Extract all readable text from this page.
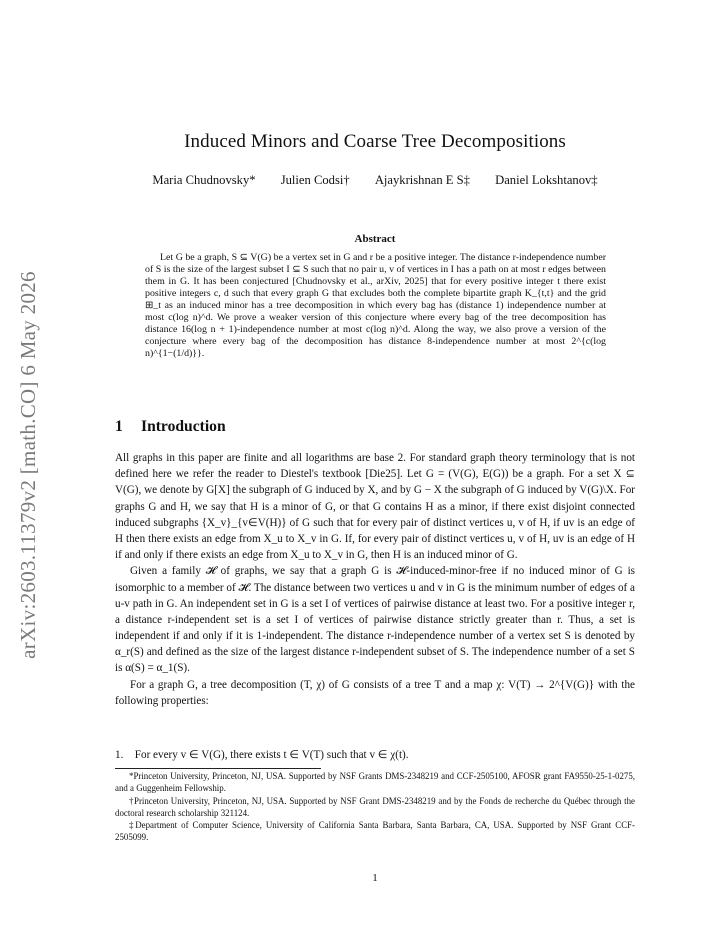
arXiv:2603.11379v2 [math.CO] 6 May 2026
Induced Minors and Coarse Tree Decompositions
Maria Chudnovsky* Julien Codsi† Ajaykrishnan E S‡ Daniel Lokshtanov‡
Abstract
Let G be a graph, S ⊆ V(G) be a vertex set in G and r be a positive integer. The distance r-independence number of S is the size of the largest subset I ⊆ S such that no pair u, v of vertices in I has a path on at most r edges between them in G. It has been conjectured [Chudnovsky et al., arXiv, 2025] that for every positive integer t there exist positive integers c, d such that every graph G that excludes both the complete bipartite graph K_{t,t} and the grid ⊞_t as an induced minor has a tree decomposition in which every bag has (distance 1) independence number at most c(log n)^d. We prove a weaker version of this conjecture where every bag of the tree decomposition has distance 16(log n + 1)-independence number at most c(log n)^d. Along the way, we also prove a version of the conjecture where every bag of the decomposition has distance 8-independence number at most 2^{c(log n)^{1−(1/d)}}.
1 Introduction

All graphs in this paper are finite and all logarithms are base 2. For standard graph theory terminology that is not defined here we refer the reader to Diestel's textbook [Die25]. Let G = (V(G), E(G)) be a graph. For a set X ⊆ V(G), we denote by G[X] the subgraph of G induced by X, and by G − X the subgraph of G induced by V(G)\X. For graphs G and H, we say that H is a minor of G, or that G contains H as a minor, if there exist disjoint connected induced subgraphs {X_v}_{v∈V(H)} of G such that for every pair of distinct vertices u, v of H, if uv is an edge of H then there exists an edge from X_u to X_v in G. If, for every pair of distinct vertices u, v of H, uv is an edge of H if and only if there exists an edge from X_u to X_v in G, then H is an induced minor of G.

Given a family 𝓗 of graphs, we say that a graph G is 𝓗-induced-minor-free if no induced minor of G is isomorphic to a member of 𝓗. The distance between two vertices u and v in G is the minimum number of edges of a u-v path in G. An independent set in G is a set I of vertices of pairwise distance at least two. For a positive integer r, a distance r-independent set is a set I of vertices of pairwise distance strictly greater than r. Thus, a set is independent if and only if it is 1-independent. The distance r-independence number of a vertex set S is denoted by α_r(S) and defined as the size of the largest distance r-independent subset of S. The independence number of a set S is α(S) = α_1(S).

For a graph G, a tree decomposition (T, χ) of G consists of a tree T and a map χ: V(T) → 2^{V(G)} with the following properties:

1. For every v ∈ V(G), there exists t ∈ V(T) such that v ∈ χ(t).

*Princeton University, Princeton, NJ, USA. Supported by NSF Grants DMS-2348219 and CCF-2505100, AFOSR grant FA9550-25-1-0275, and a Guggenheim Fellowship.

†Princeton University, Princeton, NJ, USA. Supported by NSF Grant DMS-2348219 and by the Fonds de recherche du Québec through the doctoral research scholarship 321124.

‡Department of Computer Science, University of California Santa Barbara, Santa Barbara, CA, USA. Supported by NSF Grant CCF-2505099.

1
